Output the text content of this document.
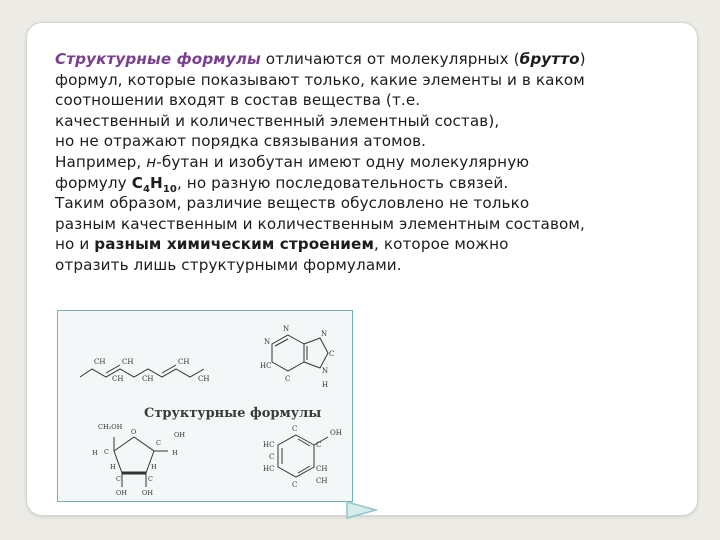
Структурные формулы отличаются от молекулярных (брутто)
формул, которые показывают только, какие элементы и в каком
соотношении входят в состав вещества (т.е.
качественный и количественный элементный состав),
но не отражают порядка связывания атомов.
Например, н-бутан и изобутан имеют одну молекулярную
формулу $C_4H_{10}$, но разную последовательность связей.
Таким образом, различие веществ обусловлено не только
разным качественным и количественным элементным составом,
но и разным химическим строением, которое можно
отразить лишь структурными формулами.
CH
CH
CH
CH
CH
CH
N
N
N
HC
N
C
C
H
Структурные формулы
CH₂OH
O
H	H
C
C
H
OH OH
C	C
H
OH
C
C
OH
HC
C
CH
CH
HC
C
